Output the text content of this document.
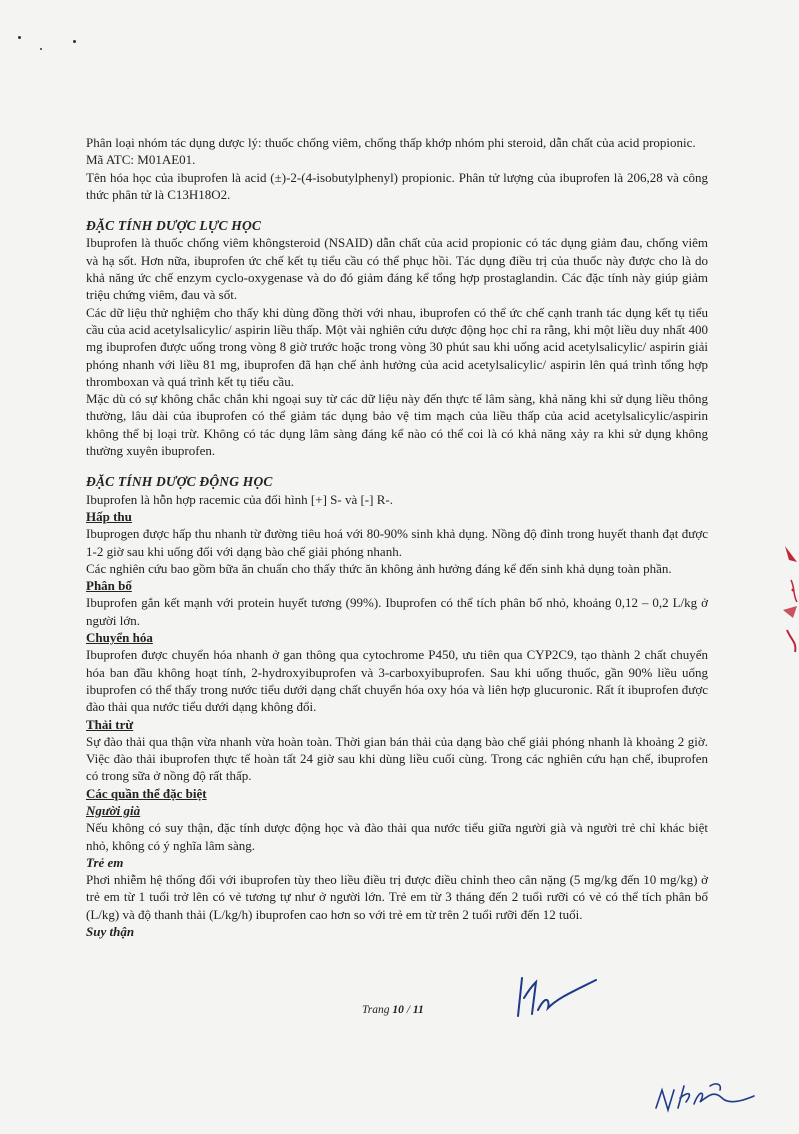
Phân loại nhóm tác dụng dược lý: thuốc chống viêm, chống thấp khớp nhóm phi steroid, dẫn chất của acid propionic.

Mã ATC: M01AE01.

Tên hóa học của ibuprofen là acid (±)-2-(4-isobutylphenyl) propionic. Phân tử lượng của ibuprofen là 206,28 và công thức phân tử là C13H18O2.

ĐẶC TÍNH DƯỢC LỰC HỌC

Ibuprofen là thuốc chống viêm khôngsteroid (NSAID) dẫn chất của acid propionic có tác dụng giảm đau, chống viêm và hạ sốt. Hơn nữa, ibuprofen ức chế kết tụ tiểu cầu có thể phục hồi. Tác dụng điều trị của thuốc này được cho là do khả năng ức chế enzym cyclo-oxygenase và do đó giảm đáng kể tổng hợp prostaglandin. Các đặc tính này giúp giảm triệu chứng viêm, đau và sốt.

Các dữ liệu thử nghiệm cho thấy khi dùng đồng thời với nhau, ibuprofen có thể ức chế cạnh tranh tác dụng kết tụ tiểu cầu của acid acetylsalicylic/ aspirin liều thấp. Một vài nghiên cứu dược động học chỉ ra rằng, khi một liều duy nhất 400 mg ibuprofen được uống trong vòng 8 giờ trước hoặc trong vòng 30 phút sau khi uống acid acetylsalicylic/ aspirin giải phóng nhanh với liều 81 mg, ibuprofen đã hạn chế ảnh hưởng của acid acetylsalicylic/ aspirin lên quá trình tổng hợp thromboxan và quá trình kết tụ tiểu cầu.

Mặc dù có sự không chắc chắn khi ngoại suy từ các dữ liệu này đến thực tế lâm sàng, khả năng khi sử dụng liều thông thường, lâu dài của ibuprofen có thể giảm tác dụng bảo vệ tim mạch của liều thấp của acid acetylsalicylic/aspirin không thể bị loại trừ. Không có tác dụng lâm sàng đáng kể nào có thể coi là có khả năng xảy ra khi sử dụng không thường xuyên ibuprofen.

ĐẶC TÍNH DƯỢC ĐỘNG HỌC

Ibuprofen là hỗn hợp racemic của đối hình [+] S- và [-] R-.

Hấp thu

Ibuprogen được hấp thu nhanh từ đường tiêu hoá với 80-90% sinh khả dụng. Nồng độ đỉnh trong huyết thanh đạt được 1-2 giờ sau khi uống đối với dạng bào chế giải phóng nhanh.

Các nghiên cứu bao gồm bữa ăn chuẩn cho thấy thức ăn không ảnh hưởng đáng kể đến sinh khả dụng toàn phần.

Phân bố

Ibuprofen gắn kết mạnh với protein huyết tương (99%). Ibuprofen có thể tích phân bố nhỏ, khoảng 0,12 – 0,2 L/kg ở người lớn.

Chuyển hóa

Ibuprofen được chuyển hóa nhanh ở gan thông qua cytochrome P450, ưu tiên qua CYP2C9, tạo thành 2 chất chuyển hóa ban đầu không hoạt tính, 2-hydroxyibuprofen và 3-carboxyibuprofen. Sau khi uống thuốc, gần 90% liều uống ibuprofen có thể thấy trong nước tiểu dưới dạng chất chuyển hóa oxy hóa và liên hợp glucuronic. Rất ít ibuprofen được đào thải qua nước tiểu dưới dạng không đổi.

Thải trừ

Sự đào thải qua thận vừa nhanh vừa hoàn toàn. Thời gian bán thải của dạng bào chế giải phóng nhanh là khoảng 2 giờ. Việc đào thải ibuprofen thực tế hoàn tất 24 giờ sau khi dùng liều cuối cùng. Trong các nghiên cứu hạn chế, ibuprofen có trong sữa ở nồng độ rất thấp.

Các quần thể đặc biệt

Người già

Nếu không có suy thận, đặc tính dược động học và đào thải qua nước tiểu giữa người già và người trẻ chỉ khác biệt nhỏ, không có ý nghĩa lâm sàng.

Trẻ em

Phơi nhiễm hệ thống đối với ibuprofen tùy theo liều điều trị được điều chỉnh theo cân nặng (5 mg/kg đến 10 mg/kg) ở trẻ em từ 1 tuổi trở lên có vẻ tương tự như ở người lớn. Trẻ em từ 3 tháng đến 2 tuổi rưỡi có vẻ có thể tích phân bố (L/kg) và độ thanh thải (L/kg/h) ibuprofen cao hơn so với trẻ em từ trên 2 tuổi rưỡi đến 12 tuổi.

Suy thận

Trang 10 / 11
